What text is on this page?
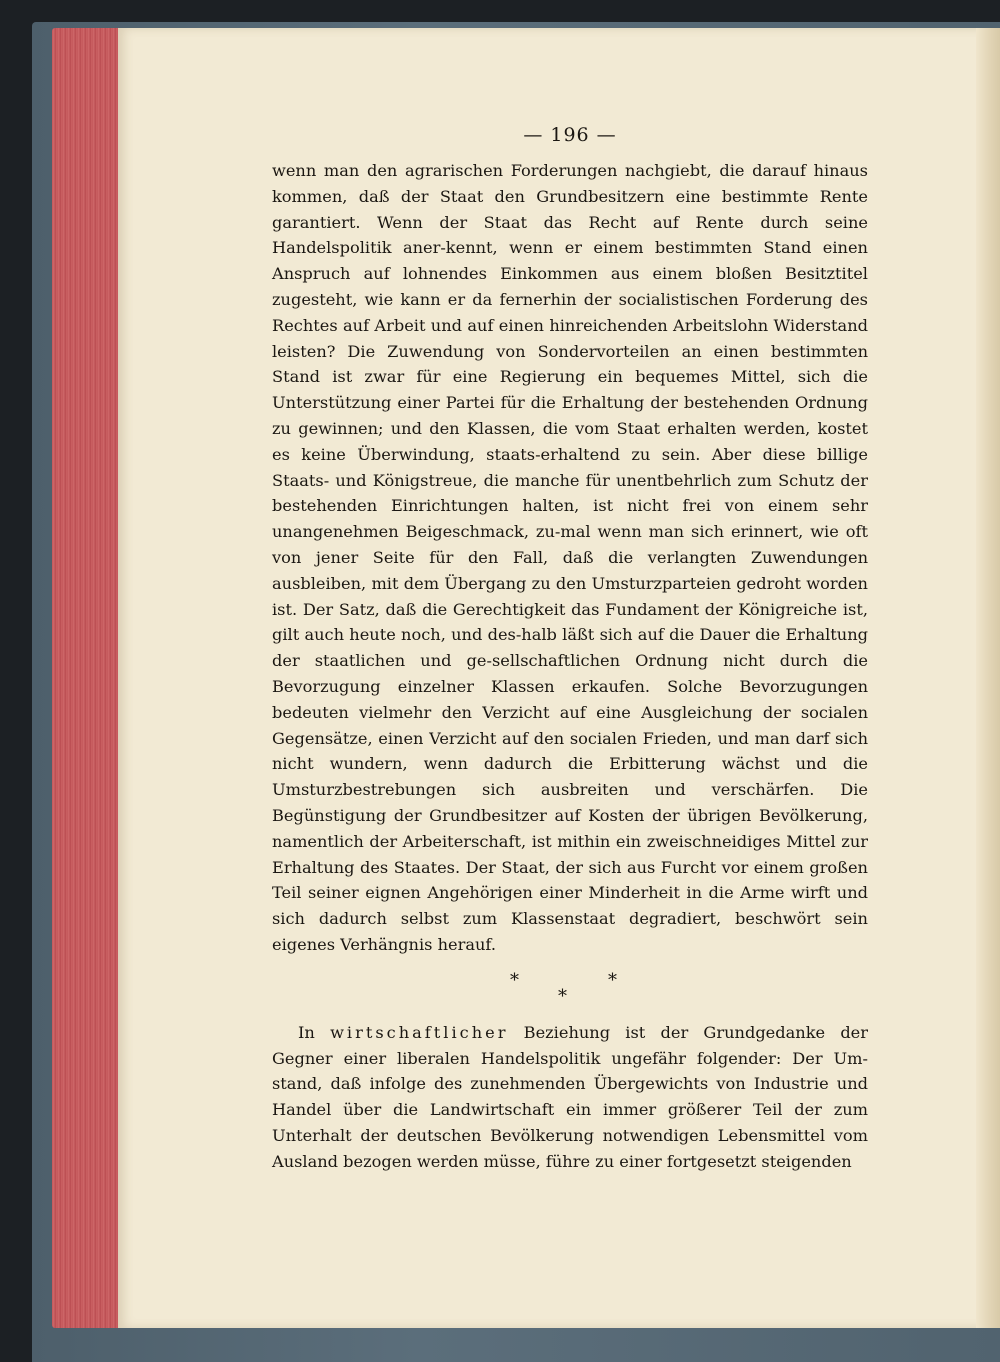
— 196 —

wenn man den agrarischen Forderungen nachgiebt, die darauf hinaus kommen, daß der Staat den Grundbesitzern eine bestimmte Rente garantiert. Wenn der Staat das Recht auf Rente durch seine Handelspolitik aner-kennt, wenn er einem bestimmten Stand einen Anspruch auf lohnendes Einkommen aus einem bloßen Besitztitel zugesteht, wie kann er da fernerhin der socialistischen Forderung des Rechtes auf Arbeit und auf einen hinreichenden Arbeitslohn Widerstand leisten? Die Zuwendung von Sondervorteilen an einen bestimmten Stand ist zwar für eine Regierung ein bequemes Mittel, sich die Unterstützung einer Partei für die Erhaltung der bestehenden Ordnung zu gewinnen; und den Klassen, die vom Staat erhalten werden, kostet es keine Überwindung, staats-erhaltend zu sein. Aber diese billige Staats- und Königstreue, die manche für unentbehrlich zum Schutz der bestehenden Einrichtungen halten, ist nicht frei von einem sehr unangenehmen Beigeschmack, zu-mal wenn man sich erinnert, wie oft von jener Seite für den Fall, daß die verlangten Zuwendungen ausbleiben, mit dem Übergang zu den Umsturzparteien gedroht worden ist. Der Satz, daß die Gerechtigkeit das Fundament der Königreiche ist, gilt auch heute noch, und des-halb läßt sich auf die Dauer die Erhaltung der staatlichen und ge-sellschaftlichen Ordnung nicht durch die Bevorzugung einzelner Klassen erkaufen. Solche Bevorzugungen bedeuten vielmehr den Verzicht auf eine Ausgleichung der socialen Gegensätze, einen Verzicht auf den socialen Frieden, und man darf sich nicht wundern, wenn dadurch die Erbitterung wächst und die Umsturzbestrebungen sich ausbreiten und verschärfen. Die Begünstigung der Grundbesitzer auf Kosten der übrigen Bevölkerung, namentlich der Arbeiterschaft, ist mithin ein zweischneidiges Mittel zur Erhaltung des Staates. Der Staat, der sich aus Furcht vor einem großen Teil seiner eignen Angehörigen einer Minderheit in die Arme wirft und sich dadurch selbst zum Klassenstaat degradiert, beschwört sein eigenes Verhängnis herauf.

*
*
*

In wirtschaftlicher Beziehung ist der Grundgedanke der Gegner einer liberalen Handelspolitik ungefähr folgender: Der Um-stand, daß infolge des zunehmenden Übergewichts von Industrie und Handel über die Landwirtschaft ein immer größerer Teil der zum Unterhalt der deutschen Bevölkerung notwendigen Lebensmittel vom Ausland bezogen werden müsse, führe zu einer fortgesetzt steigenden
